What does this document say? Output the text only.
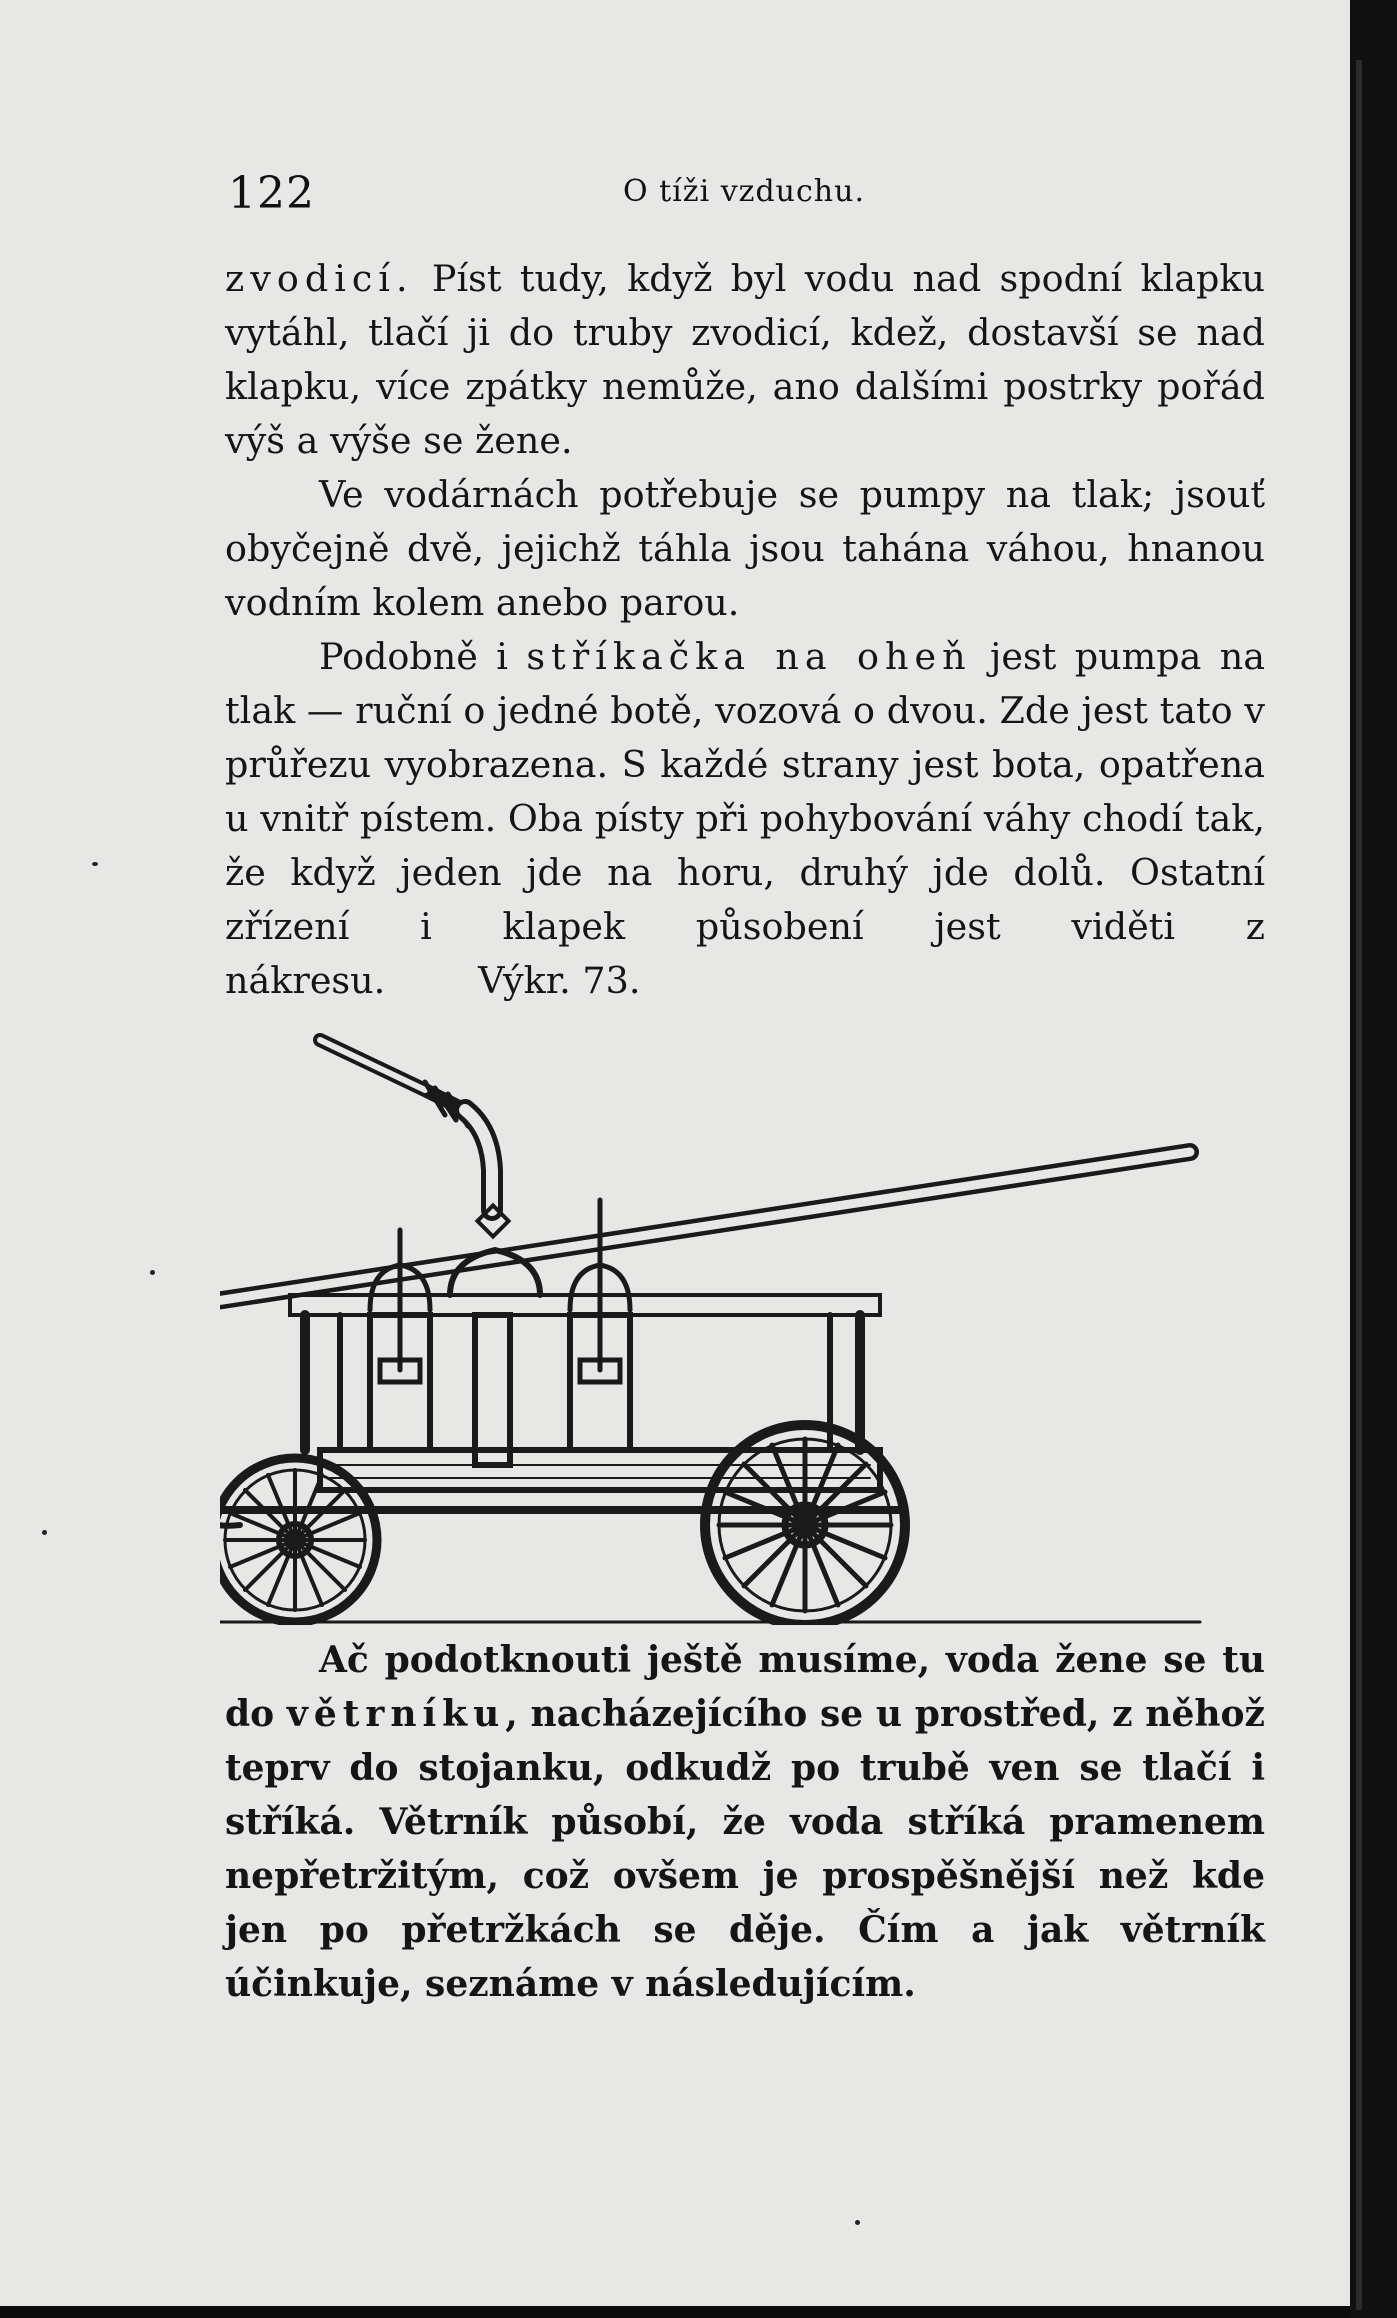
122	O tíži vzduchu.

zvodicí. Píst tudy, když byl vodu nad spodní klapku vytáhl, tlačí ji do truby zvodicí, kdež, dostavší se nad klapku, více zpátky nemůže, ano dalšími postrky pořád výš a výše se žene.

Ve vodárnách potřebuje se pumpy na tlak; jsouť obyčejně dvě, jejichž táhla jsou tahána váhou, hnanou vodním kolem anebo parou.

Podobně i stříkačka na oheň jest pumpa na tlak — ruční o jedné botě, vozová o dvou. Zde jest tato v průřezu vyobrazena. S každé strany jest bota, opatřena u vnitř pístem. Oba písty při pohybování váhy chodí tak, že když jeden jde na horu, druhý jde dolů. Ostatní zřízení i klapek působení jest viděti z nákresu.	Výkr. 73.

Ač podotknouti ještě musíme, voda žene se tu do větrníku, nacházejícího se u prostřed, z něhož teprv do stojanku, odkudž po trubě ven se tlačí i stříká. Větrník působí, že voda stříká pramenem nepřetržitým, což ovšem je prospěšnější než kde jen po přetržkách se děje. Čím a jak větrník účinkuje, seznáme v následujícím.
